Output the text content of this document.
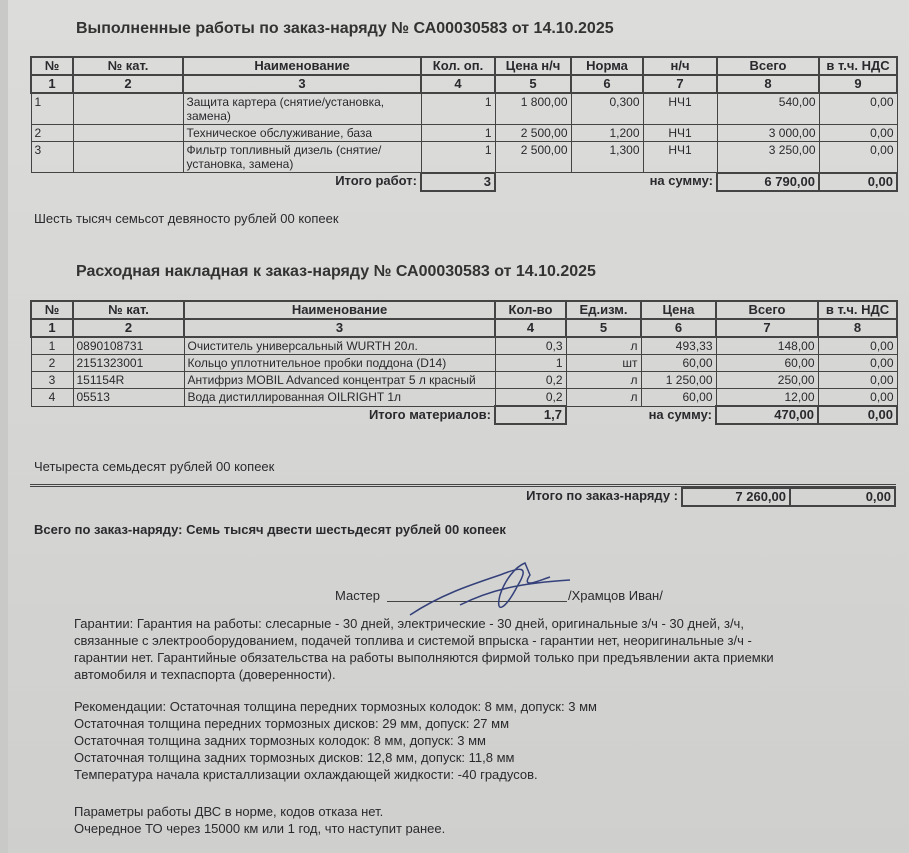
Выполненные работы по заказ-наряду № СА00030583 от 14.10.2025
№	№ кат.	Наименование	Кол. оп.	Цена н/ч	Норма	н/ч	Всего	в т.ч. НДС
1	2	3	4	5	6	7	8	9
1		Защита картера (снятие/установка, замена)	1	1 800,00	0,300	НЧ1	540,00	0,00
2		Техническое обслуживание, база	1	2 500,00	1,200	НЧ1	3 000,00	0,00
3		Фильтр топливный дизель (снятие/установка, замена)	1	2 500,00	1,300	НЧ1	3 250,00	0,00
Итого работ:			3	на сумму:			6 790,00	0,00
Расходная накладная к заказ-наряду № СА00030583 от 14.10.2025
№	№ кат.	Наименование	Кол-во	Ед.изм.	Цена	Всего	в т.ч. НДС
1	2	3	4	5	6	7	8
1	0890108731	Очиститель универсальный WURTH 20л.	0,3	л	493,33	148,00	0,00
2	2151323001	Кольцо уплотнительное пробки поддона (D14)	1	шт	60,00	60,00	0,00
3	151154R	Антифриз MOBIL Advanced концентрат 5 л красный	0,2	л	1 250,00	250,00	0,00
4	05513	Вода дистиллированная OILRIGHT 1л	0,2	л	60,00	12,00	0,00
Итого материалов:			1,7	на сумму:		470,00	0,00
Итого по заказ-наряду :	7 260,00	0,00
Всего по заказ-наряду: Семь тысяч двести шестьдесят рублей 00 копеек
Мастер	/Храмцов Иван/
Гарантии: Гарантия на работы: слесарные - 30 дней, электрические - 30 дней, оригинальные з/ч - 30 дней, з/ч, связанные с электрооборудованием, подачей топлива и системой впрыска - гарантии нет, неоригинальные з/ч - гарантии нет. Гарантийные обязательства на работы выполняются фирмой только при предъявлении акта приемки автомобиля и техпаспорта (доверенности).
Рекомендации: Остаточная толщина передних тормозных колодок: 8 мм, допуск: 3 мм
Остаточная толщина передних тормозных дисков: 29 мм, допуск: 27 мм
Остаточная толщина задних тормозных колодок: 8 мм, допуск: 3 мм
Остаточная толщина задних тормозных дисков: 12,8 мм, допуск: 11,8 мм
Температура начала кристаллизации охлаждающей жидкости: -40 градусов.
Параметры работы ДВС в норме, кодов отказа нет.
Очередное ТО через 15000 км или 1 год, что наступит ранее.
Шесть тысяч семьсот девяносто рублей 00 копеек
Четыреста семьдесят рублей 00 копеек
